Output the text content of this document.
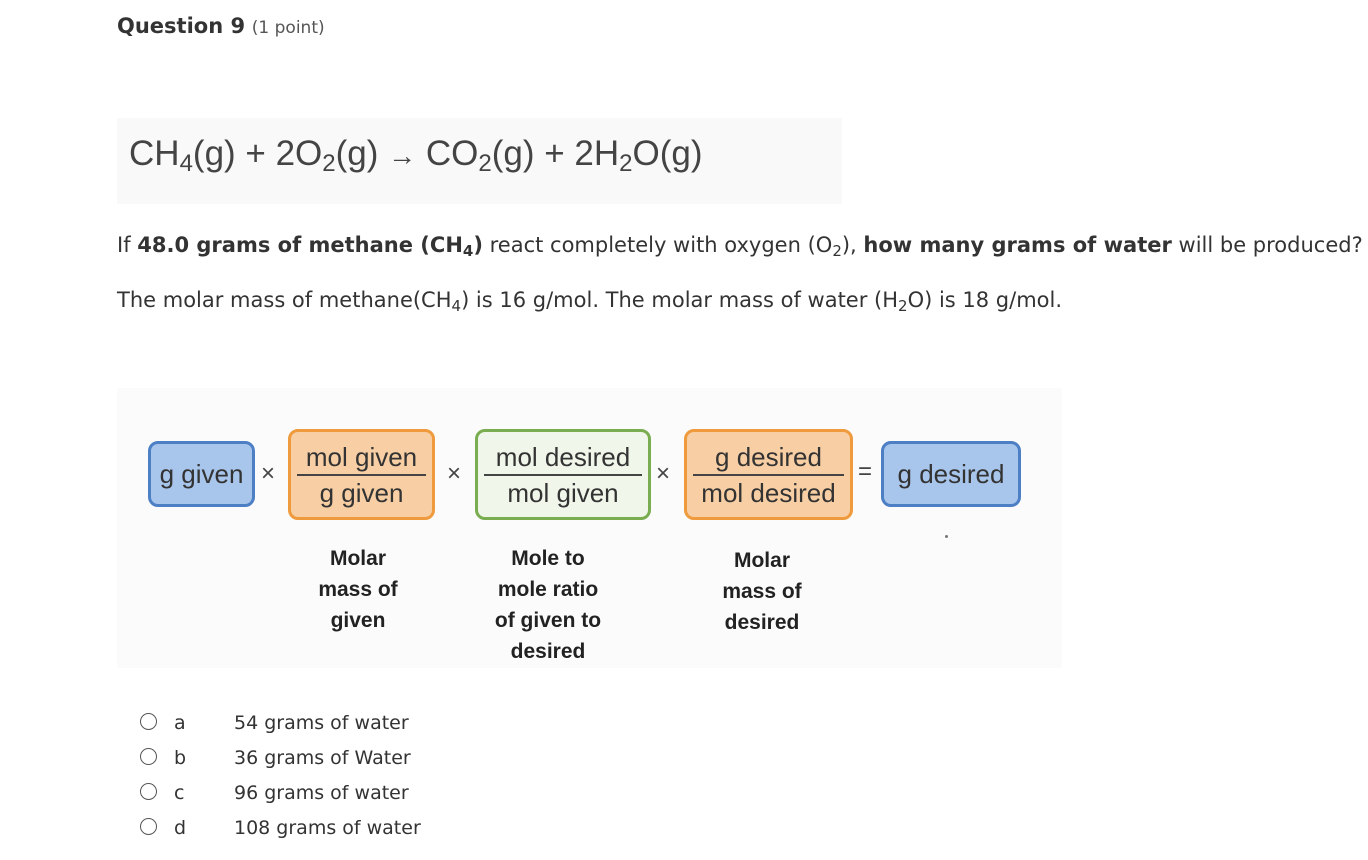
Question 9 (1 point)
$CH_4(g) + 2O_2(g) \to CO_2(g) + 2H_2O(g)$
If 48.0 grams of methane $(CH_4)$ react completely with oxygen $(O_2)$, how many grams of water will be produced?
The molar mass of $methane(CH_4)$ is 16 g/mol. The molar mass of water $(H_2O)$ is 18 g/mol.
g given ×
mol given
g given
×
mol desired
mol given
×
g desired
mol desired
= g desired
Molar
mass of
given
Mole to
mole ratio
of given to
desired
Molar
mass of
desired
a	54 grams of water
b	36 grams of Water
c	96 grams of water
d	108 grams of water
